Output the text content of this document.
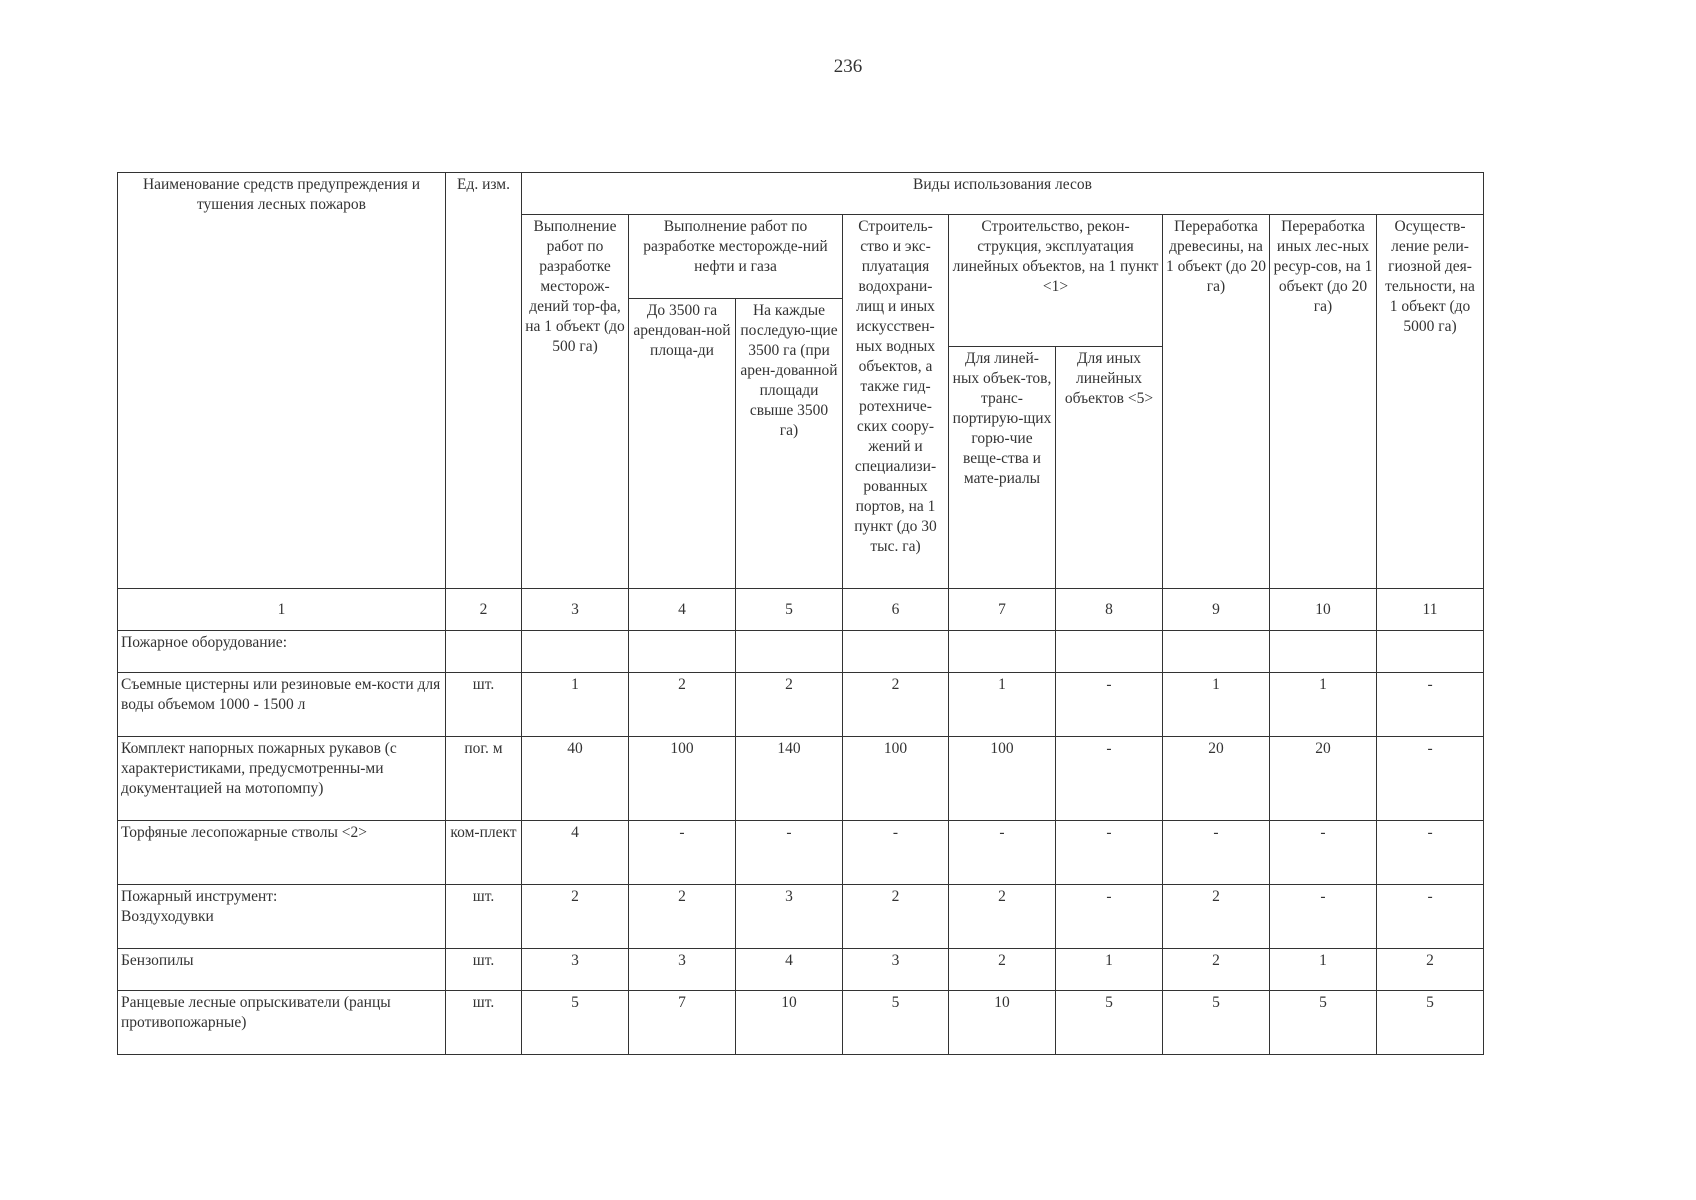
236
Наименование средств предупреждения и тушения лесных пожаров	Ед. изм.	Виды использования лесов								
		Выполнение работ по разработке месторож-дений тор-фа, на 1 объект (до 500 га)	Выполнение работ по разработке месторожде-ний нефти и газа		Строитель-ство и экс-плуатация водохрани-лищ и иных искусствен-ных водных объектов, а также гид-ротехниче-ских соору-жений и специализи-рованных портов, на 1 пункт (до 30 тыс. га)	Строительство, рекон-струкция, эксплуатация линейных объектов, на 1 пункт <1>		Переработка древесины, на 1 объект (до 20 га)	Переработка иных лес-ных ресур-сов, на 1 объект (до 20 га)	Осуществ-ление рели-гиозной дея-тельности, на 1 объект (до 5000 га)
			До 3500 га арендован-ной площа-ди	На каждые последую-щие 3500 га (при арен-дованной площади свыше 3500 га)						
						Для линей-ных объек-тов, транс-портирую-щих горю-чие веще-ства и мате-риалы	Для иных линейных объектов <5>			
1	2	3	4	5	6	7	8	9	10	11
Пожарное оборудование:										
Съемные цистерны или резиновые ем-кости для воды объемом 1000 - 1500 л	шт.	1	2	2	2	1	-	1	1	-
Комплект напорных пожарных рукавов (с характеристиками, предусмотренны-ми документацией на мотопомпу)	пог. м	40	100	140	100	100	-	20	20	-
Торфяные лесопожарные стволы <2>	ком-плект	4	-	-	-	-	-	-	-	-
Пожарный инструмент:
Воздуходувки	шт.	2	2	3	2	2	-	2	-	-
Бензопилы	шт.	3	3	4	3	2	1	2	1	2
Ранцевые лесные опрыскиватели (ранцы противопожарные)	шт.	5	7	10	5	10	5	5	5	5
